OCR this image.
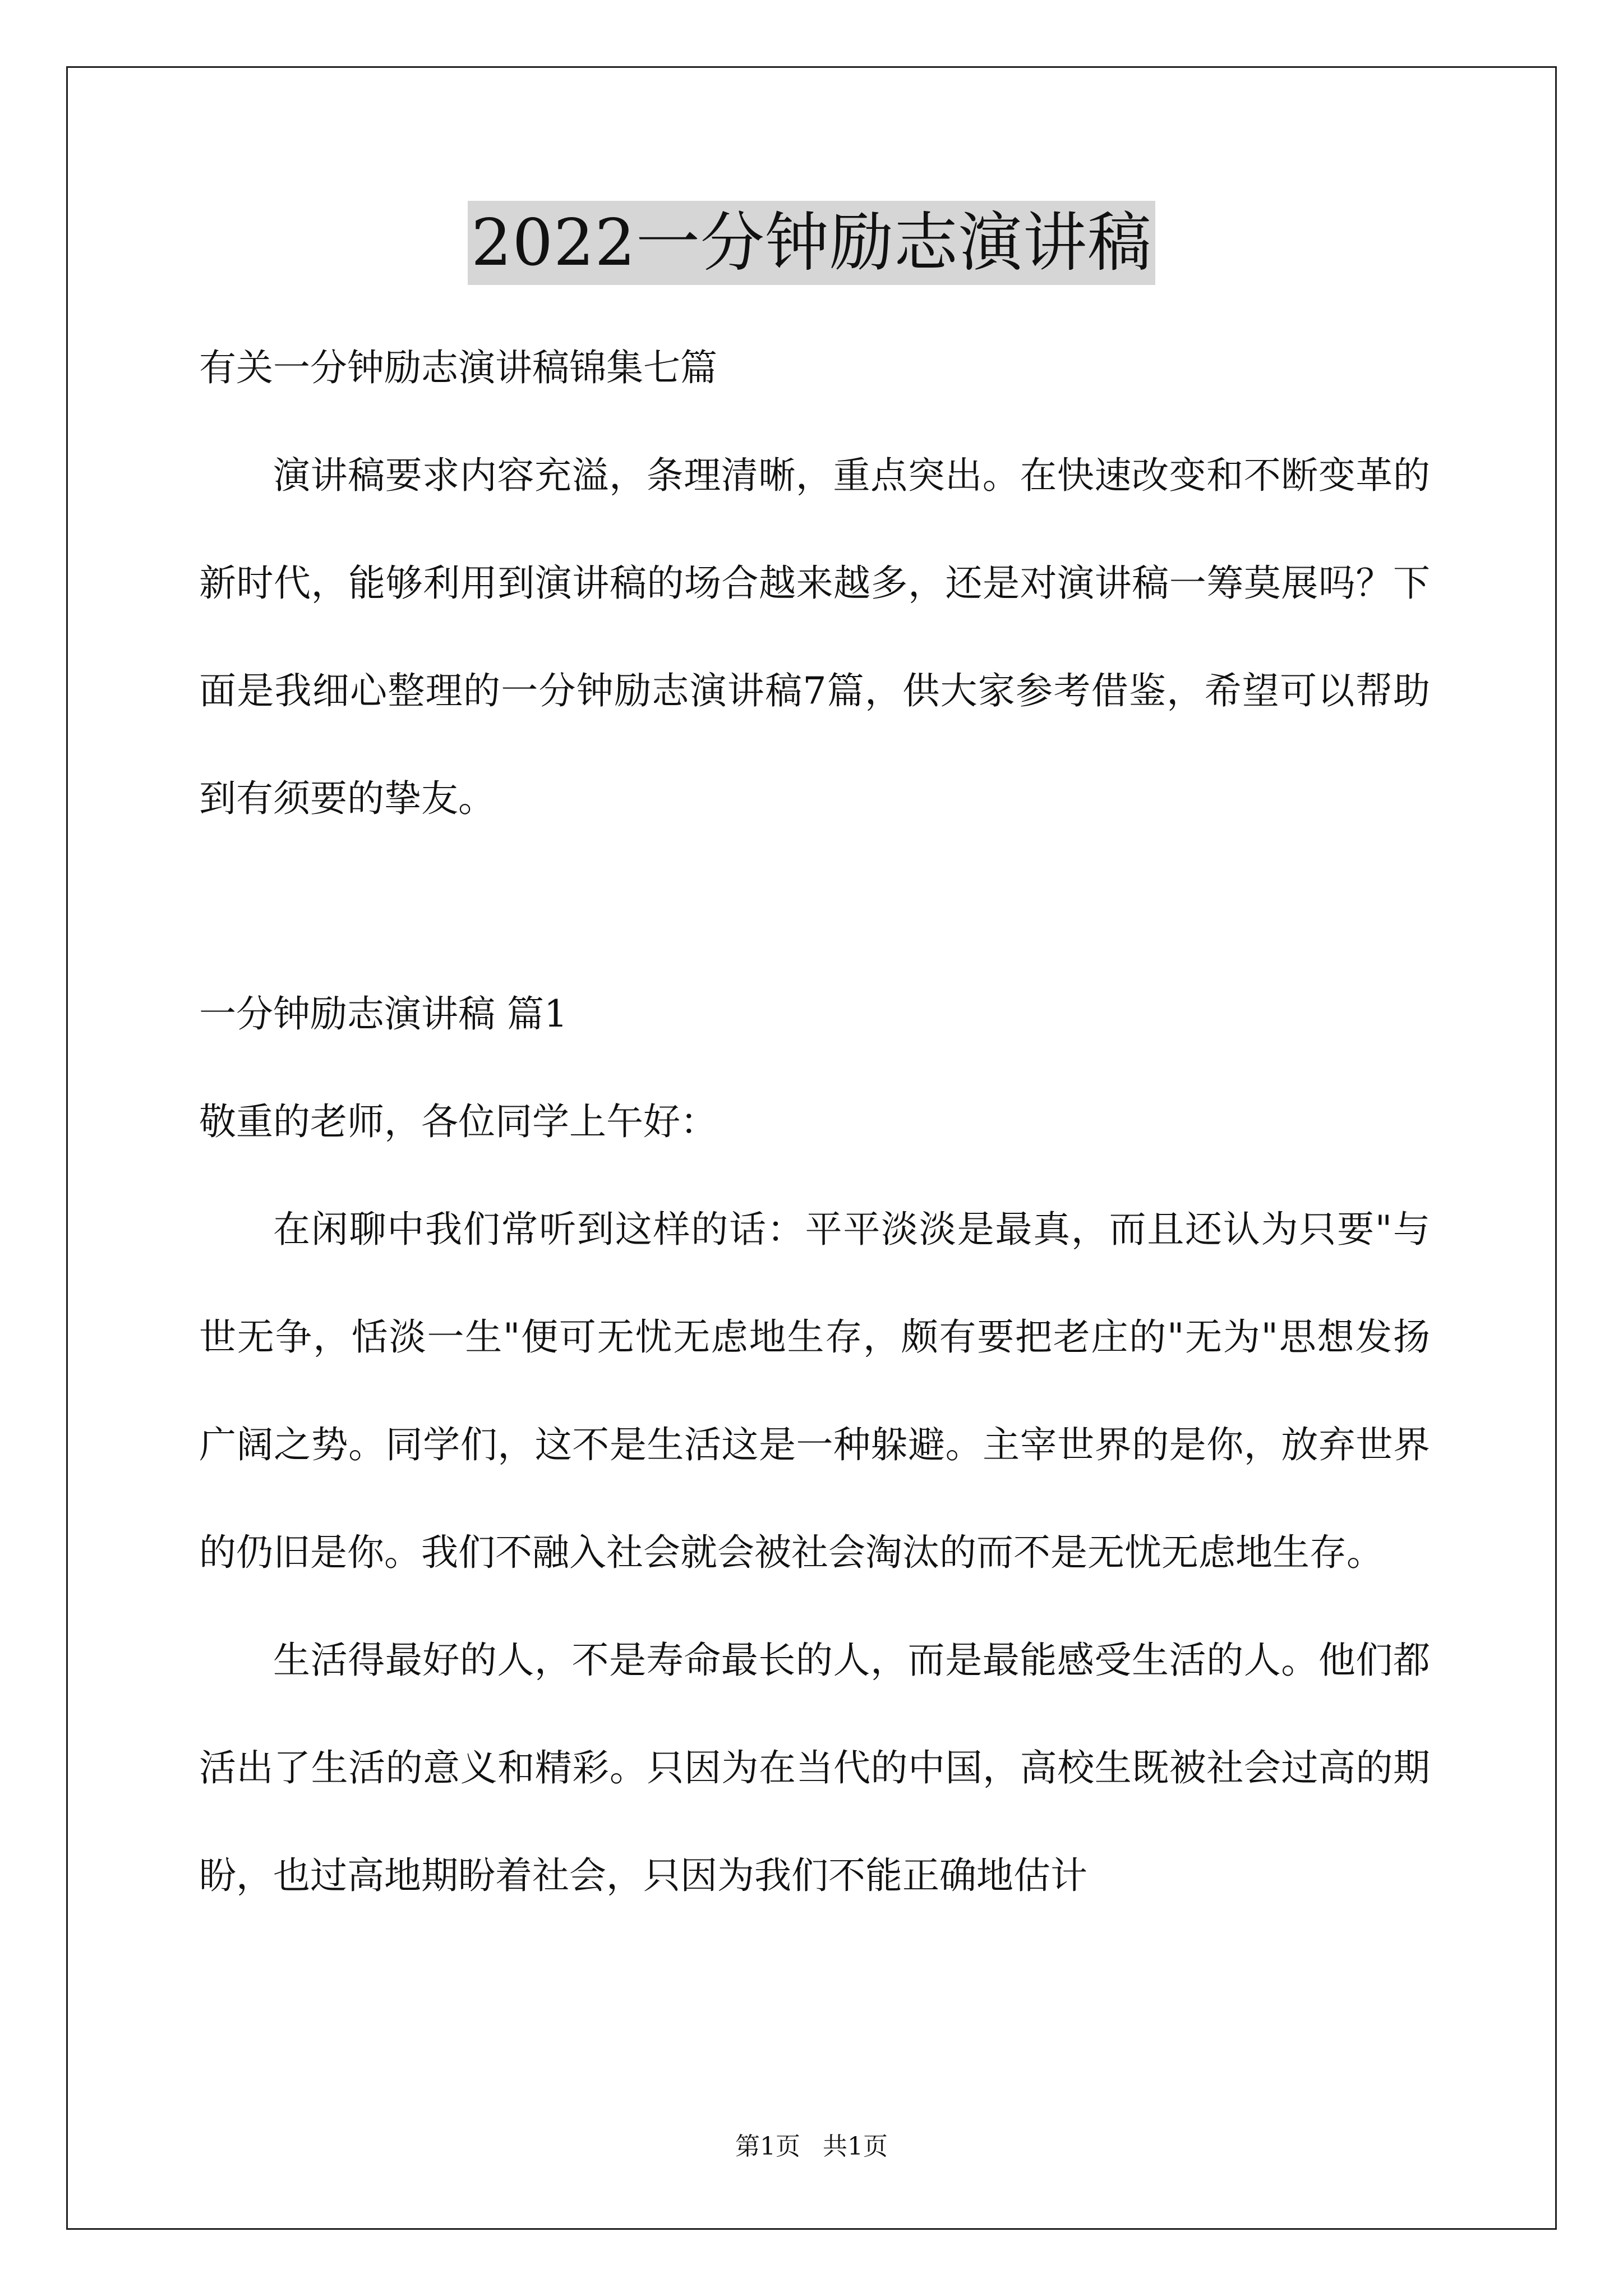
2022一分钟励志演讲稿

有关一分钟励志演讲稿锦集七篇

演讲稿要求内容充溢，条理清晰，重点突出。在快速改变和不断变革的新时代，能够利用到演讲稿的场合越来越多，还是对演讲稿一筹莫展吗？下面是我细心整理的一分钟励志演讲稿7篇，供大家参考借鉴，希望可以帮助到有须要的挚友。

一分钟励志演讲稿 篇1

敬重的老师，各位同学上午好：

在闲聊中我们常听到这样的话：平平淡淡是最真，而且还认为只要"与世无争，恬淡一生"便可无忧无虑地生存，颇有要把老庄的"无为"思想发扬广阔之势。同学们，这不是生活这是一种躲避。主宰世界的是你，放弃世界的仍旧是你。我们不融入社会就会被社会淘汰的而不是无忧无虑地生存。

生活得最好的人，不是寿命最长的人，而是最能感受生活的人。他们都活出了生活的意义和精彩。只因为在当代的中国，高校生既被社会过高的期盼，也过高地期盼着社会，只因为我们不能正确地估计

第1页 共1页
